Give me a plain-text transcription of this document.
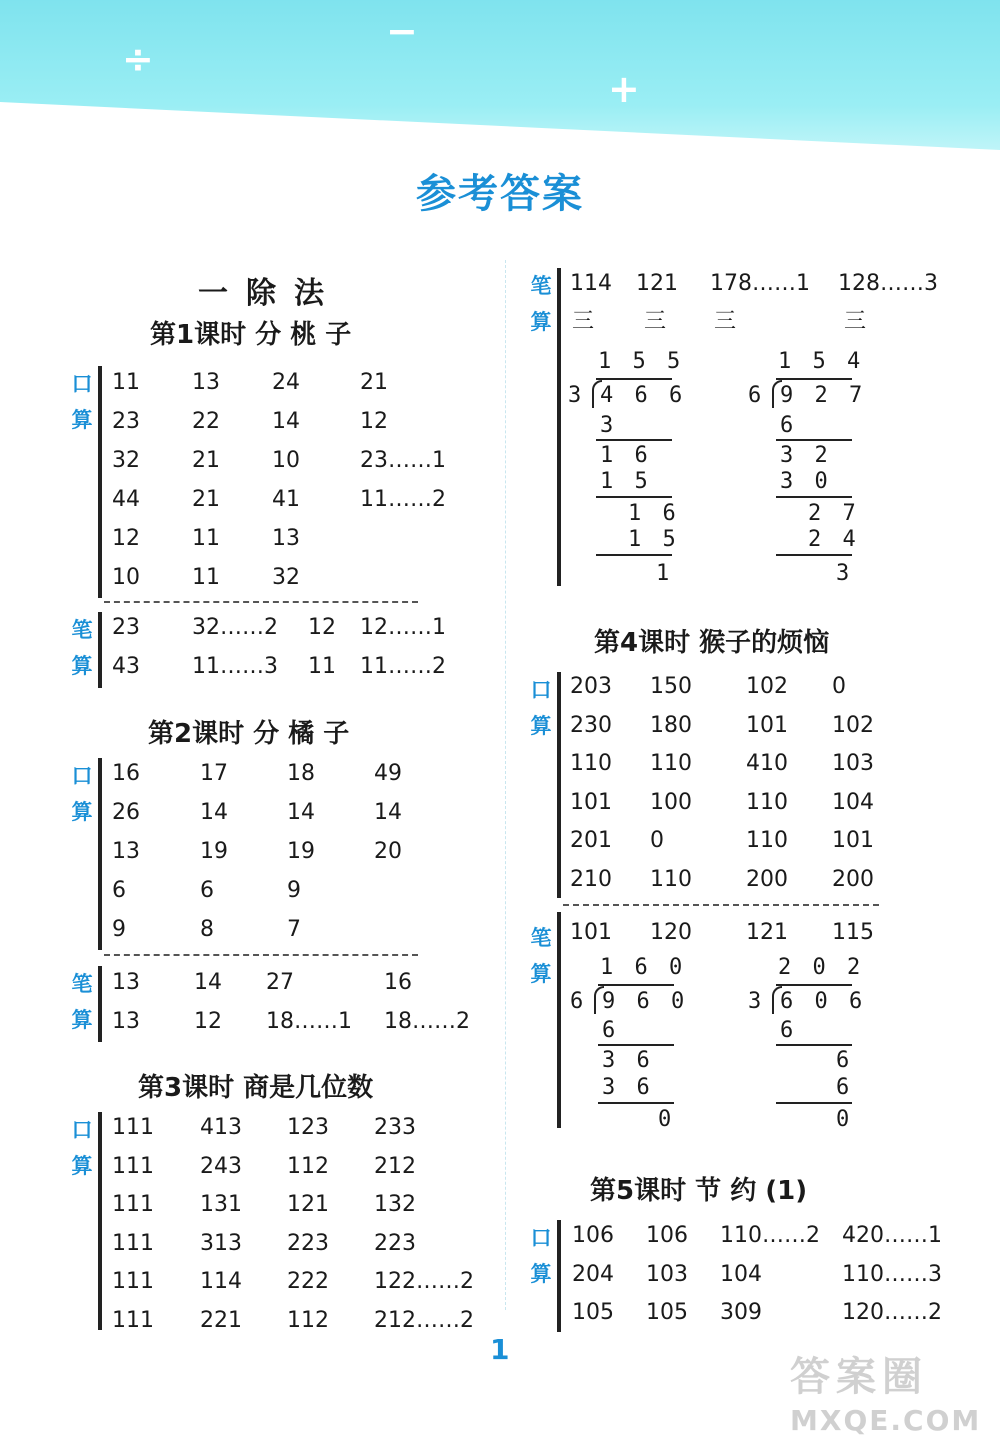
÷
−
+
参考答案
一除法
第1课时 分 桃 子
口
算
11 13 24	21
23 22 14	12
32 21 10	23……1
44 21 41	11……2
12 11 13
10 11 32
笔
算
23 32……2 12 12……1
43 11……3 11 11……2
第2课时 分 橘 子
口
算
16	17	18	49
26	14	14	14
13	19	19	20
6	6	9
9	8	7
笔
算
13 14 27	16
13 12 18……1 18……2
第3课时 商是几位数
口
算
111 413 123 233
111 243 112 212
111 131 121 132
111 313 223 223
111 114 222 122……2
111 221 112 212……2
笔
算
114 121 178……1 128……3
三 三 三	三
1 5 5
3 4 6 6
3
1 6
1 5
1 6
1 5
1
1 5 4
6 9 2 7
6
3 2
3 0
2 7
2 4
3
第4课时 猴子的烦恼
口
算
203 150 102 0
230 180 101 102
110 110 410 103
101 100 110 104
201 0	110 101
210 110 200 200
笔
算
101 120 121 115
1 6 0
6 9 6 0
6
3 6
3 6
0
2 0 2
3 6 0 6
6
6
6
0
第5课时 节 约 (1)
口
算
106 106 110……2 420……1
204 103 104	110……3
105 105 309	120……2
1
答案圈
MXQE.COM
